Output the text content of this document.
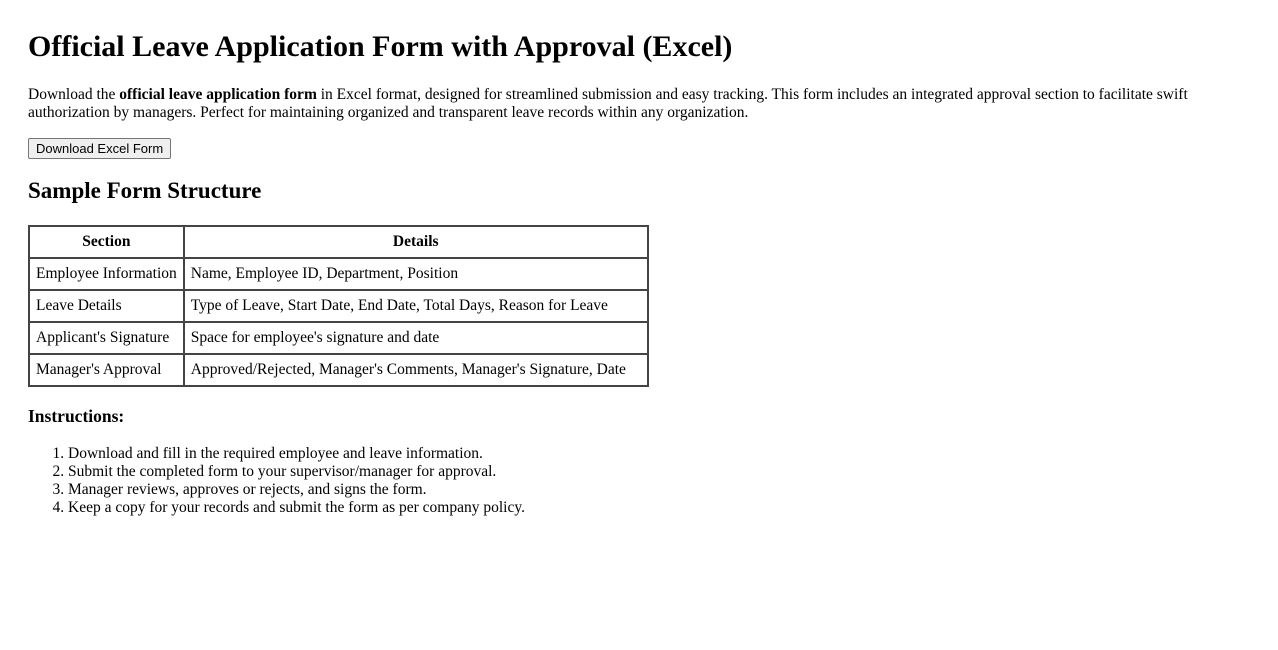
Official Leave Application Form with Approval (Excel)

Download the official leave application form in Excel format, designed for streamlined submission and easy tracking. This form includes an integrated approval section to facilitate swift authorization by managers. Perfect for maintaining organized and transparent leave records within any organization.

Download Excel Form
Sample Form Structure
Section	Details
Employee Information	Name, Employee ID, Department, Position
Leave Details	Type of Leave, Start Date, End Date, Total Days, Reason for Leave
Applicant's Signature	Space for employee's signature and date
Manager's Approval	Approved/Rejected, Manager's Comments, Manager's Signature, Date
Instructions:
1. Download and fill in the required employee and leave information.
2. Submit the completed form to your supervisor/manager for approval.
3. Manager reviews, approves or rejects, and signs the form.
4. Keep a copy for your records and submit the form as per company policy.
